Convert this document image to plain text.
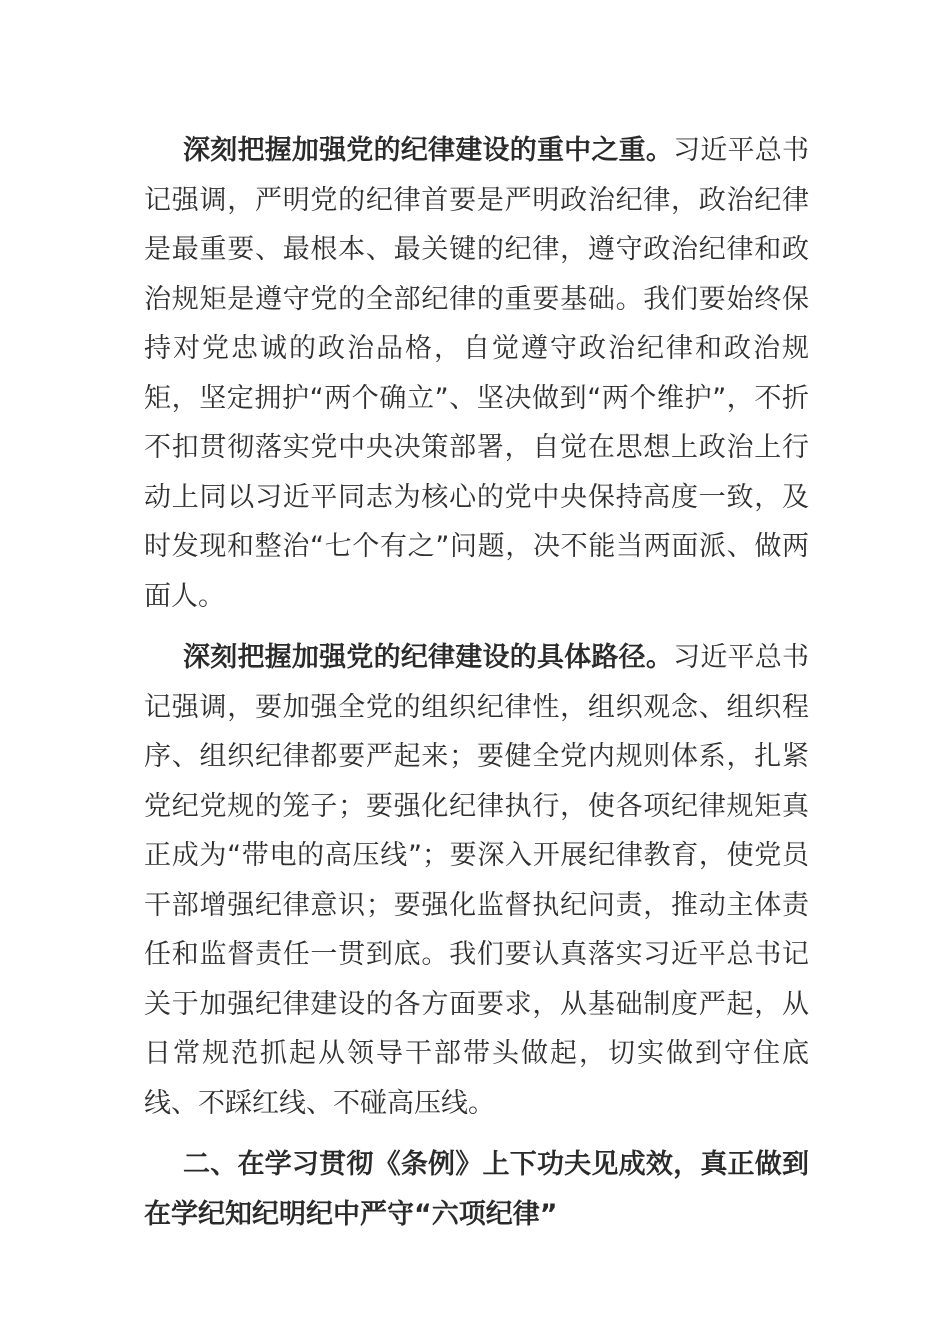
深刻把握加强党的纪律建设的重中之重。习近平总书记强调，严明党的纪律首要是严明政治纪律，政治纪律是最重要、最根本、最关键的纪律，遵守政治纪律和政治规矩是遵守党的全部纪律的重要基础。我们要始终保持对党忠诚的政治品格，自觉遵守政治纪律和政治规矩，坚定拥护“两个确立”、坚决做到“两个维护”，不折不扣贯彻落实党中央决策部署，自觉在思想上政治上行动上同以习近平同志为核心的党中央保持高度一致，及时发现和整治“七个有之”问题，决不能当两面派、做两面人。

深刻把握加强党的纪律建设的具体路径。习近平总书记强调，要加强全党的组织纪律性，组织观念、组织程序、组织纪律都要严起来；要健全党内规则体系，扎紧党纪党规的笼子；要强化纪律执行，使各项纪律规矩真正成为“带电的高压线”；要深入开展纪律教育，使党员干部增强纪律意识；要强化监督执纪问责，推动主体责任和监督责任一贯到底。我们要认真落实习近平总书记关于加强纪律建设的各方面要求，从基础制度严起，从日常规范抓起从领导干部带头做起，切实做到守住底线、不踩红线、不碰高压线。

二、在学习贯彻《条例》上下功夫见成效，真正做到在学纪知纪明纪中严守“六项纪律”
